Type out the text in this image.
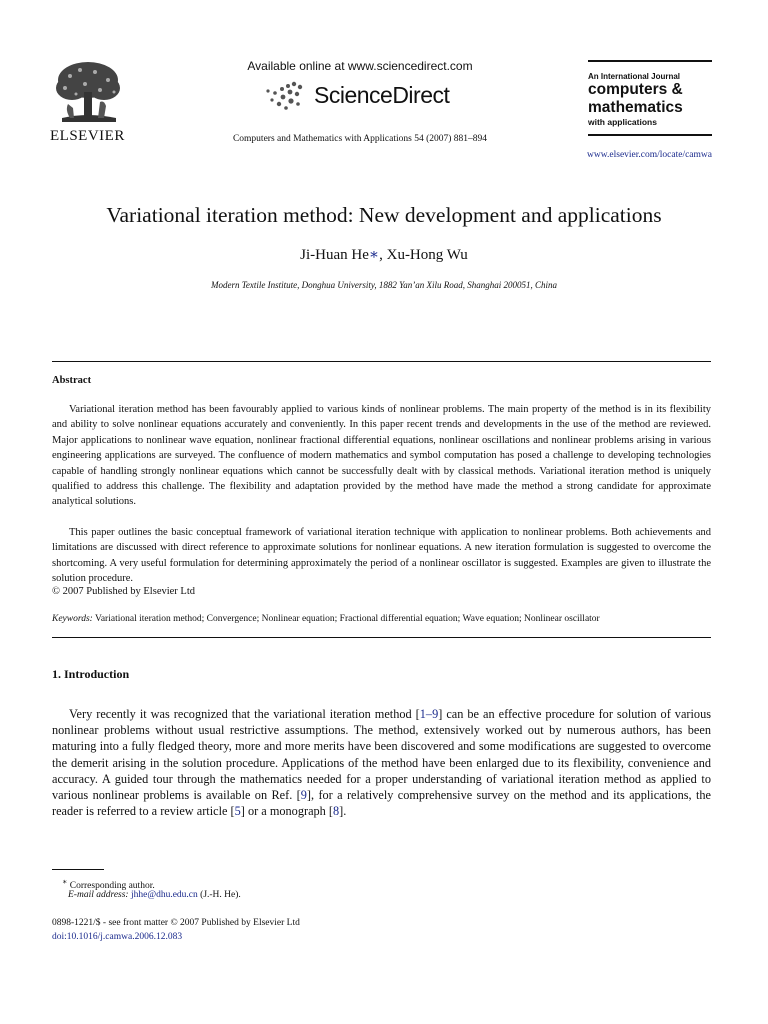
ELSEVIER
Available online at www.sciencedirect.com
ScienceDirect
Computers and Mathematics with Applications 54 (2007) 881–894
An International Journal
computers &
mathematics
with applications
www.elsevier.com/locate/camwa
Variational iteration method: New development and applications
Ji-Huan He∗, Xu-Hong Wu
Modern Textile Institute, Donghua University, 1882 Yan’an Xilu Road, Shanghai 200051, China
Abstract
Variational iteration method has been favourably applied to various kinds of nonlinear problems. The main property of the method is in its flexibility and ability to solve nonlinear equations accurately and conveniently. In this paper recent trends and developments in the use of the method are reviewed. Major applications to nonlinear wave equation, nonlinear fractional differential equations, nonlinear oscillations and nonlinear problems arising in various engineering applications are surveyed. The confluence of modern mathematics and symbol computation has posed a challenge to developing technologies capable of handling strongly nonlinear equations which cannot be successfully dealt with by classical methods. Variational iteration method is uniquely qualified to address this challenge. The flexibility and adaptation provided by the method have made the method a strong candidate for approximate analytical solutions.
This paper outlines the basic conceptual framework of variational iteration technique with application to nonlinear problems. Both achievements and limitations are discussed with direct reference to approximate solutions for nonlinear equations. A new iteration formulation is suggested to overcome the shortcoming. A very useful formulation for determining approximately the period of a nonlinear oscillator is suggested. Examples are given to illustrate the solution procedure.
© 2007 Published by Elsevier Ltd
Keywords: Variational iteration method; Convergence; Nonlinear equation; Fractional differential equation; Wave equation; Nonlinear oscillator
1. Introduction
Very recently it was recognized that the variational iteration method [1–9] can be an effective procedure for solution of various nonlinear problems without usual restrictive assumptions. The method, extensively worked out by numerous authors, has been maturing into a fully fledged theory, more and more merits have been discovered and some modifications are suggested to overcome the demerit arising in the solution procedure. Applications of the method have been enlarged due to its flexibility, convenience and accuracy. A guided tour through the mathematics needed for a proper understanding of variational iteration method as applied to various nonlinear problems is available on Ref. [9], for a relatively comprehensive survey on the method and its applications, the reader is referred to a review article [5] or a monograph [8].
∗ Corresponding author.
E-mail address: jhhe@dhu.edu.cn (J.-H. He).
0898-1221/$ - see front matter © 2007 Published by Elsevier Ltd
doi:10.1016/j.camwa.2006.12.083
